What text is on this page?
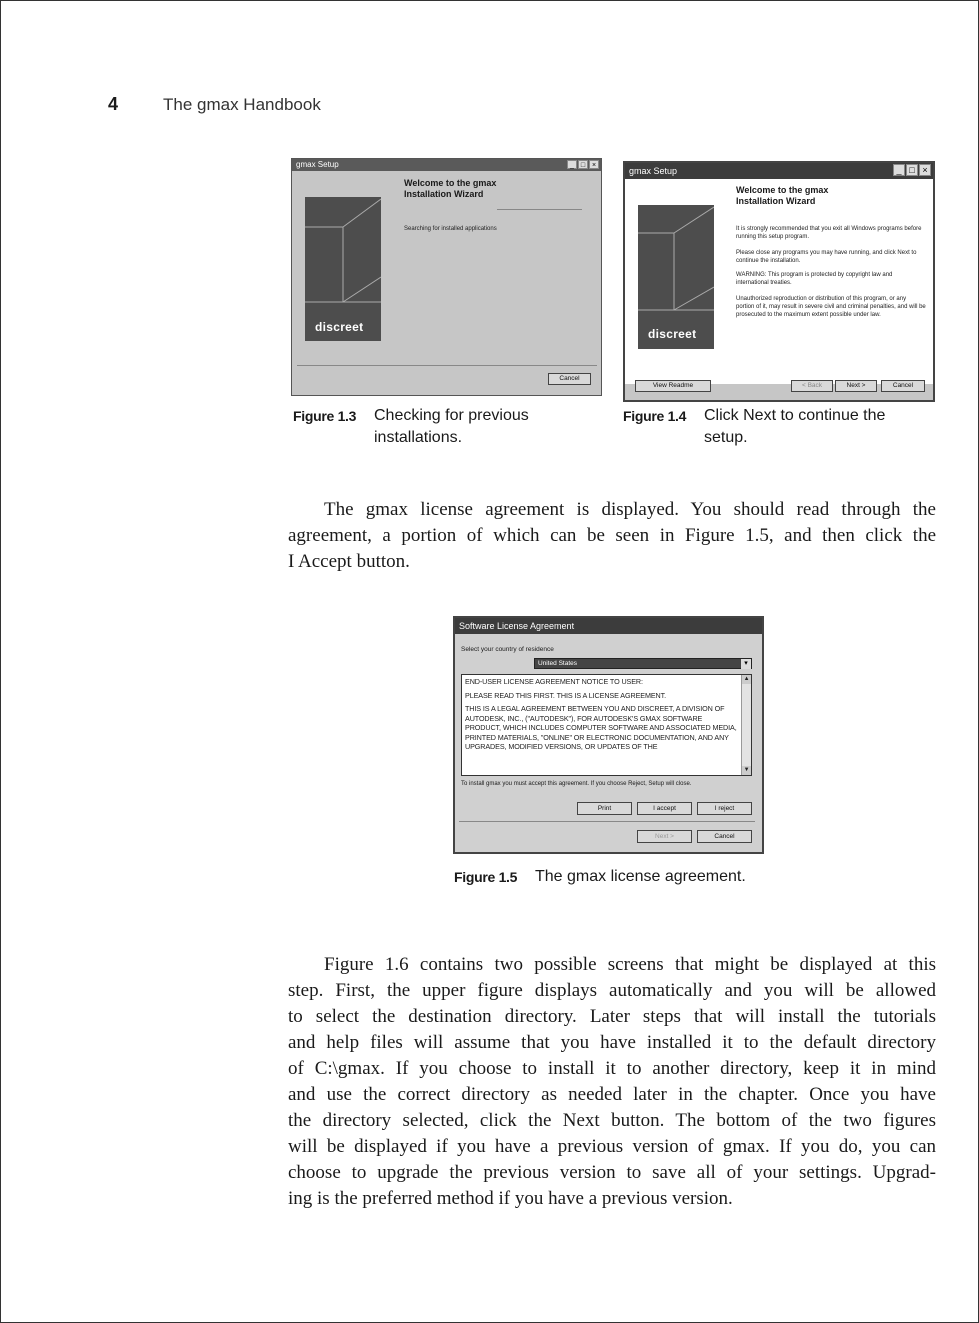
4	The gmax Handbook
gmax Setup	_ □ ×
discreet
Welcome to the gmax
Installation Wizard
Searching for installed applications
Cancel
Figure 1.3 Checking for previous installations.
gmax Setup	_ □ ×
discreet
Welcome to the gmax
Installation Wizard
It is strongly recommended that you exit all Windows programs before running this setup program.
Please close any programs you may have running, and click Next to continue the installation.
WARNING: This program is protected by copyright law and international treaties.
Unauthorized reproduction or distribution of this program, or any portion of it, may result in severe civil and criminal penalties, and will be prosecuted to the maximum extent possible under law.
View Readme	< Back	Next >	Cancel
Figure 1.4 Click Next to continue the setup.
The gmax license agreement is displayed. You should read through the
agreement, a portion of which can be seen in Figure 1.5, and then click the
I Accept button.
Software License Agreement
Select your country of residence
United States	▾

END-USER LICENSE AGREEMENT NOTICE TO USER:

PLEASE READ THIS FIRST. THIS IS A LICENSE AGREEMENT.

THIS IS A LEGAL AGREEMENT BETWEEN YOU AND DISCREET, A DIVISION OF AUTODESK, INC., ("AUTODESK"), FOR AUTODESK'S GMAX SOFTWARE PRODUCT, WHICH INCLUDES COMPUTER SOFTWARE AND ASSOCIATED MEDIA, PRINTED MATERIALS, "ONLINE" OR ELECTRONIC DOCUMENTATION, AND ANY UPGRADES, MODIFIED VERSIONS, OR UPDATES OF THE

▲
▼
To install gmax you must accept this agreement. If you choose Reject, Setup will close.
Print	I accept	I reject
Next >	Cancel
Figure 1.5 The gmax license agreement.
Figure 1.6 contains two possible screens that might be displayed at this
step. First, the upper figure displays automatically and you will be allowed
to select the destination directory. Later steps that will install the tutorials
and help files will assume that you have installed it to the default directory
of C:\gmax. If you choose to install it to another directory, keep it in mind
and use the correct directory as needed later in the chapter. Once you have
the directory selected, click the Next button. The bottom of the two figures
will be displayed if you have a previous version of gmax. If you do, you can
choose to upgrade the previous version to save all of your settings. Upgrad-
ing is the preferred method if you have a previous version.
